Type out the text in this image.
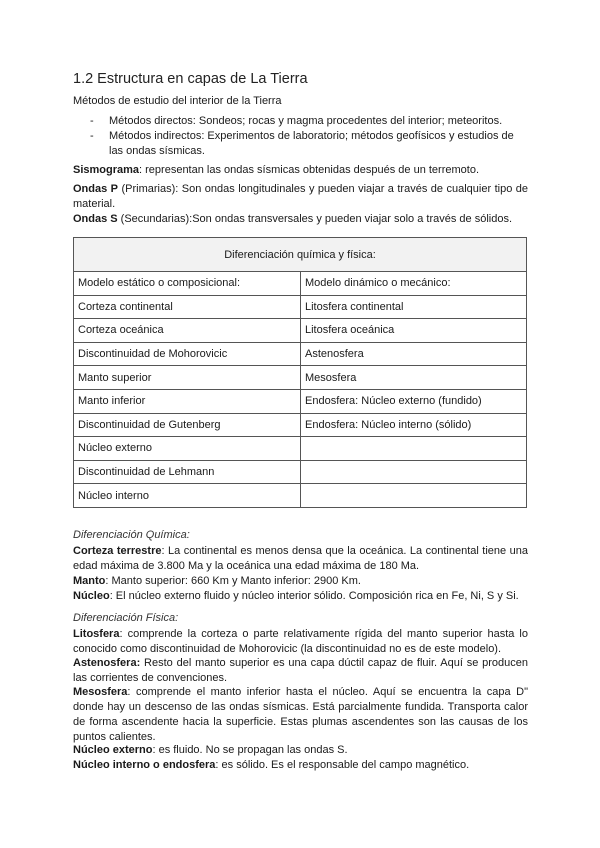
1.2 Estructura en capas de La Tierra
Métodos de estudio del interior de la Tierra
- Métodos directos: Sondeos; rocas y magma procedentes del interior; meteoritos.
- Métodos indirectos: Experimentos de laboratorio; métodos geofísicos y estudios de las ondas sísmicas.
Sismograma: representan las ondas sísmicas obtenidas después de un terremoto.
Ondas P (Primarias): Son ondas longitudinales y pueden viajar a través de cualquier tipo de material.
Ondas S (Secundarias):Son ondas transversales y pueden viajar solo a través de sólidos.
Diferenciación química y física:	
Modelo estático o composicional:	Modelo dinámico o mecánico:
Corteza continental	Litosfera continental
Corteza oceánica	Litosfera oceánica
Discontinuidad de Mohorovicic	Astenosfera
Manto superior	Mesosfera
Manto inferior	Endosfera: Núcleo externo (fundido)
Discontinuidad de Gutenberg	Endosfera: Núcleo interno (sólido)
Núcleo externo	
Discontinuidad de Lehmann	
Núcleo interno	
Diferenciación Química:
Corteza terrestre: La continental es menos densa que la oceánica. La continental tiene una edad máxima de 3.800 Ma y la oceánica una edad máxima de 180 Ma.
Manto: Manto superior: 660 Km y Manto inferior: 2900 Km.
Núcleo: El núcleo externo fluido y núcleo interior sólido. Composición rica en Fe, Ni, S y Si.
Diferenciación Física:
Litosfera: comprende la corteza o parte relativamente rígida del manto superior hasta lo conocido como discontinuidad de Mohorovicic (la discontinuidad no es de este modelo).
Astenosfera: Resto del manto superior es una capa dúctil capaz de fluir. Aquí se producen las corrientes de convenciones.
Mesosfera: comprende el manto inferior hasta el núcleo. Aquí se encuentra la capa D" donde hay un descenso de las ondas sísmicas. Está parcialmente fundida. Transporta calor de forma ascendente hacia la superficie. Estas plumas ascendentes son las causas de los puntos calientes.
Núcleo externo: es fluido. No se propagan las ondas S.
Núcleo interno o endosfera: es sólido. Es el responsable del campo magnético.
